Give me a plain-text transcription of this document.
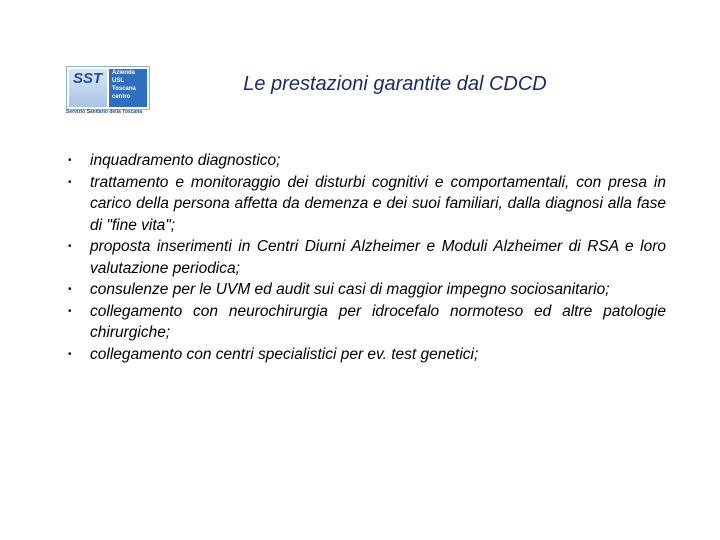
SST	Azienda
USL
Toscana
centro
Servizio Sanitario della Toscana
Le prestazioni garantite dal CDCD
• inquadramento diagnostico;
• trattamento e monitoraggio dei disturbi cognitivi e comportamentali, con presa in carico della persona affetta da demenza e dei suoi familiari, dalla diagnosi alla fase di "fine vita";
• proposta inserimenti in Centri Diurni Alzheimer e Moduli Alzheimer di RSA e loro valutazione periodica;
• consulenze per le UVM ed audit sui casi di maggior impegno sociosanitario;
• collegamento con neurochirurgia per idrocefalo normoteso ed altre patologie chirurgiche;
• collegamento con centri specialistici per ev. test genetici;
